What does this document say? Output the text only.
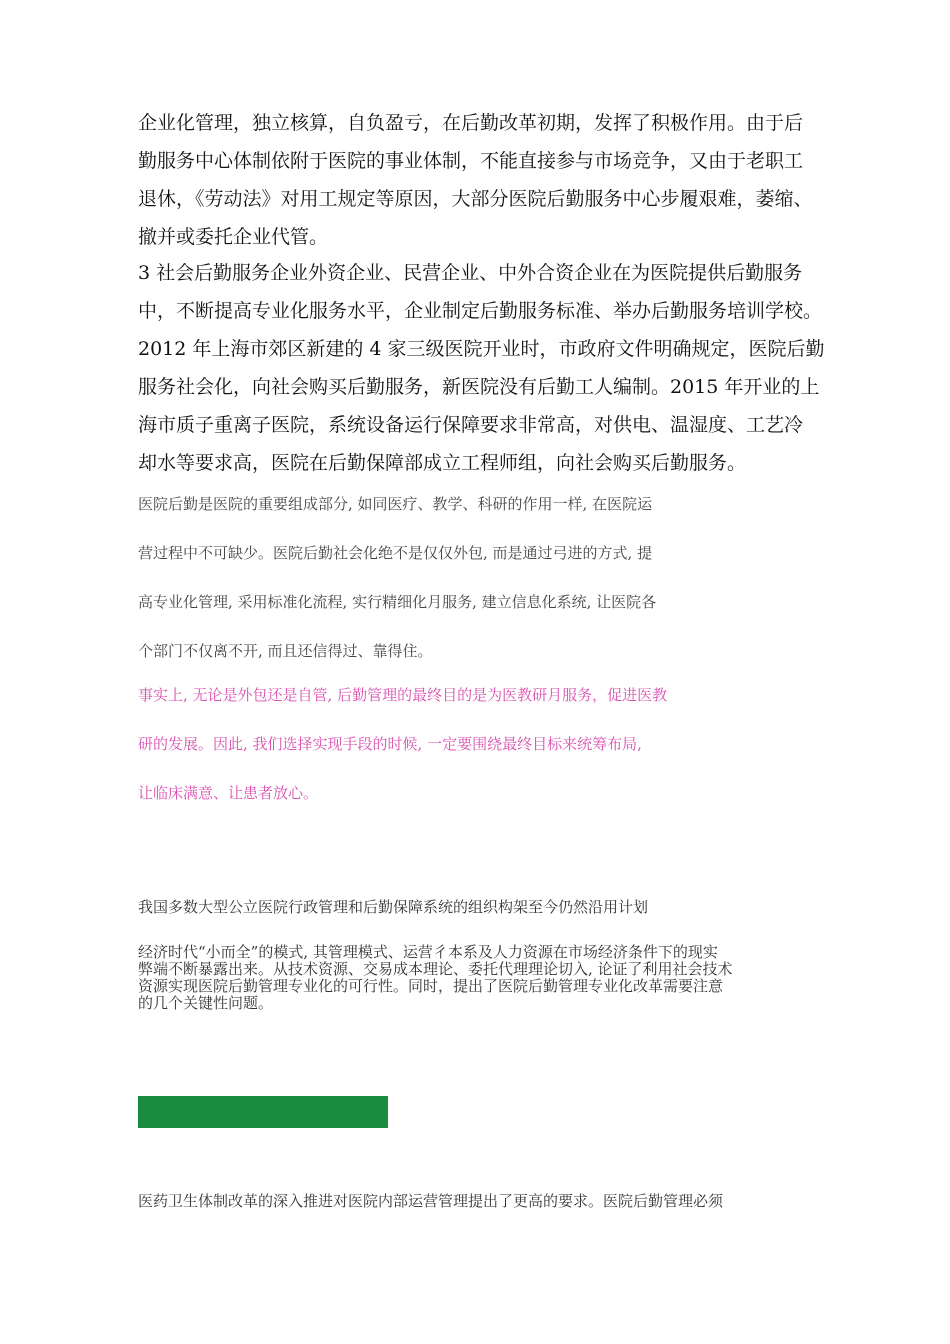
企业化管理，独立核算，自负盈亏，在后勤改革初期，发挥了积极作用。由于后

勤服务中心体制依附于医院的事业体制，不能直接参与市场竞争，又由于老职工

退休，《劳动法》对用工规定等原因，大部分医院后勤服务中心步履艰难，萎缩、

撤并或委托企业代管。

3 社会后勤服务企业外资企业、民营企业、中外合资企业在为医院提供后勤服务

中，不断提高专业化服务水平，企业制定后勤服务标准、举办后勤服务培训学校。

2012 年上海市郊区新建的 4 家三级医院开业时，市政府文件明确规定，医院后勤

服务社会化，向社会购买后勤服务，新医院没有后勤工人编制。2015 年开业的上

海市质子重离子医院，系统设备运行保障要求非常高，对供电、温湿度、工艺冷

却水等要求高，医院在后勤保障部成立工程师组，向社会购买后勤服务。

医院后勤是医院的重要组成部分, 如同医疗、教学、科研的作用一样, 在医院运

营过程中不可缺少。医院后勤社会化绝不是仅仅外包, 而是通过弓进的方式, 提

高专业化管理, 采用标准化流程, 实行精细化月服务, 建立信息化系统, 让医院各

个部门不仅离不开, 而且还信得过、靠得住。

事实上, 无论是外包还是自管, 后勤管理的最终目的是为医教研月服务，促进医教

研的发展。因此, 我们选择实现手段的时候, 一定要围绕最终目标来统筹布局,

让临床满意、让患者放心。

我国多数大型公立医院行政管理和后勤保障系统的组织构架至今仍然沿用计划

经济时代“小而全”的模式, 其管理模式、运营彳本系及人力资源在市场经济条件下的现实

弊端不断暴露出来。从技术资源、交易成本理论、委托代理理论切入, 论证了利用社会技术

资源实现医院后勤管理专业化的可行性。同时，提出了医院后勤管理专业化改革需要注意

的几个关键性问题。

医药卫生体制改革的深入推进对医院内部运营管理提出了更高的要求。医院后勤管理必须
